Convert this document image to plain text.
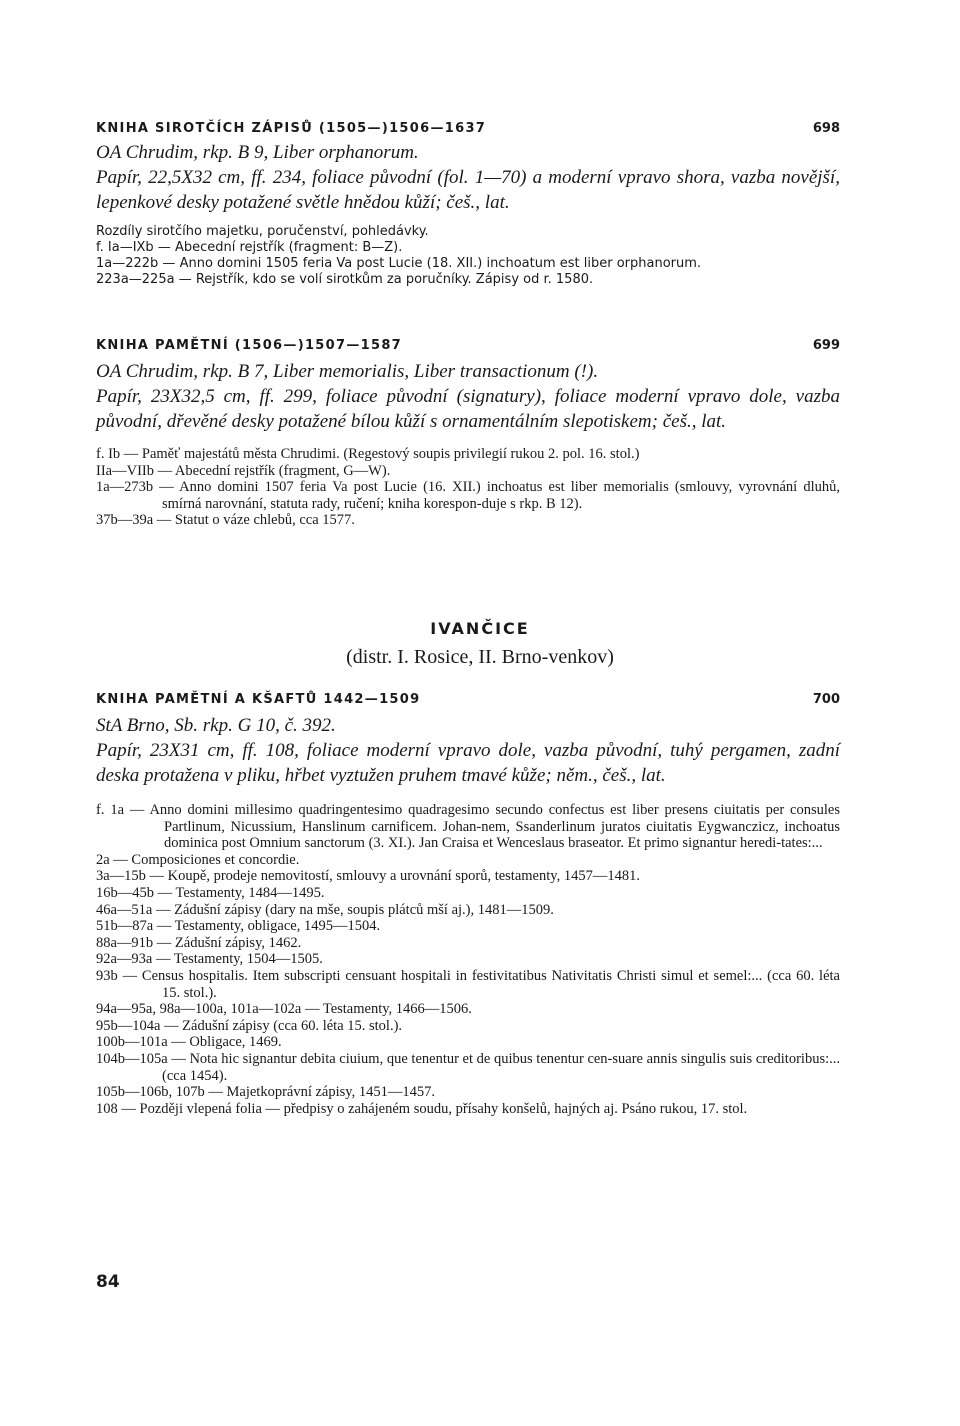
KNIHA SIROTČÍCH ZÁPISŮ (1505—)1506—1637	698

OA Chrudim, rkp. B 9, Liber orphanorum.

Papír, 22,5X32 cm, ff. 234, foliace původní (fol. 1—70) a moderní vpravo shora, vazba novější, lepenkové desky potažené světle hnědou kůží; češ., lat.

Rozdíly sirotčího majetku, poručenství, pohledávky.

f. Ia—IXb — Abecední rejstřík (fragment: B—Z).

1a—222b — Anno domini 1505 feria Va post Lucie (18. XII.) inchoatum est liber orphanorum.

223a—225a — Rejstřík, kdo se volí sirotkům za poručníky. Zápisy od r. 1580.

KNIHA PAMĚTNÍ (1506—)1507—1587	699

OA Chrudim, rkp. B 7, Liber memorialis, Liber transactionum (!).

Papír, 23X32,5 cm, ff. 299, foliace původní (signatury), foliace moderní vpravo dole, vazba původní, dřevěné desky potažené bílou kůží s ornamentálním slepotiskem; češ., lat.

f. Ib — Paměť majestátů města Chrudimi. (Regestový soupis privilegií rukou 2. pol. 16. stol.)

IIa—VIIb — Abecední rejstřík (fragment, G—W).

1a—273b — Anno domini 1507 feria Va post Lucie (16. XII.) inchoatus est liber memorialis (smlouvy, vyrovnání dluhů, smírná narovnání, statuta rady, ručení; kniha korespon-duje s rkp. B 12).

37b—39a — Statut o váze chlebů, cca 1577.

IVANČICE
(distr. I. Rosice, II. Brno-venkov)
KNIHA PAMĚTNÍ A KŠAFTŮ 1442—1509	700

StA Brno, Sb. rkp. G 10, č. 392.

Papír, 23X31 cm, ff. 108, foliace moderní vpravo dole, vazba původní, tuhý pergamen, zadní deska protažena v pliku, hřbet vyztužen pruhem tmavé kůže; něm., češ., lat.

f. 1a — Anno domini millesimo quadringentesimo quadragesimo secundo confectus est liber presens ciuitatis per consules Partlinum, Nicussium, Hanslinum carnificem. Johan-nem, Ssanderlinum juratos ciuitatis Eygwanczicz, inchoatus dominica post Omnium sanctorum (3. XI.). Jan Craisa et Wenceslaus braseator. Et primo signantur heredi-tates:...

2a — Composiciones et concordie.

3a—15b — Koupě, prodeje nemovitostí, smlouvy a urovnání sporů, testamenty, 1457—1481.

16b—45b — Testamenty, 1484—1495.

46a—51a — Zádušní zápisy (dary na mše, soupis plátců mší aj.), 1481—1509.

51b—87a — Testamenty, obligace, 1495—1504.

88a—91b — Zádušní zápisy, 1462.

92a—93a — Testamenty, 1504—1505.

93b — Census hospitalis. Item subscripti censuant hospitali in festivitatibus Nativitatis Christi simul et semel:... (cca 60. léta 15. stol.).

94a—95a, 98a—100a, 101a—102a — Testamenty, 1466—1506.

95b—104a — Zádušní zápisy (cca 60. léta 15. stol.).

100b—101a — Obligace, 1469.

104b—105a — Nota hic signantur debita ciuium, que tenentur et de quibus tenentur cen-suare annis singulis suis creditoribus:... (cca 1454).

105b—106b, 107b — Majetkoprávní zápisy, 1451—1457.

108 — Později vlepená folia — předpisy o zahájeném soudu, přísahy konšelů, hajných aj. Psáno rukou, 17. stol.

84
